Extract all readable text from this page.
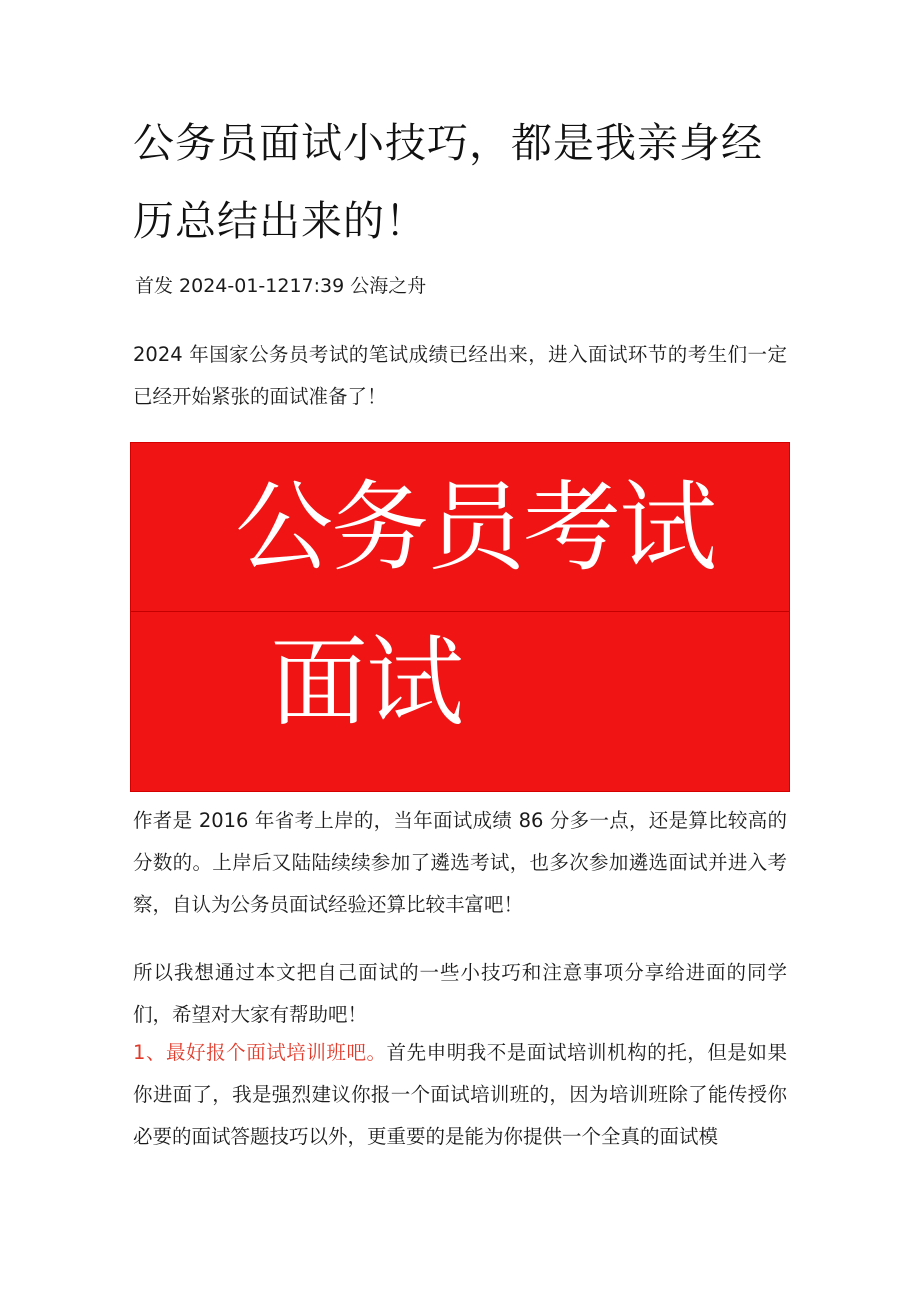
公务员面试小技巧，都是我亲身经历总结出来的！
首发 2024-01-1217:39 公海之舟

2024 年国家公务员考试的笔试成绩已经出来，进入面试环节的考生们一定已经开始紧张的面试准备了！

公务员考试
面试

作者是 2016 年省考上岸的，当年面试成绩 86 分多一点，还是算比较高的分数的。上岸后又陆陆续续参加了遴选考试，也多次参加遴选面试并进入考察，自认为公务员面试经验还算比较丰富吧！

所以我想通过本文把自己面试的一些小技巧和注意事项分享给进面的同学们，希望对大家有帮助吧！

1、最好报个面试培训班吧。首先申明我不是面试培训机构的托，但是如果你进面了，我是强烈建议你报一个面试培训班的，因为培训班除了能传授你必要的面试答题技巧以外，更重要的是能为你提供一个全真的面试模
